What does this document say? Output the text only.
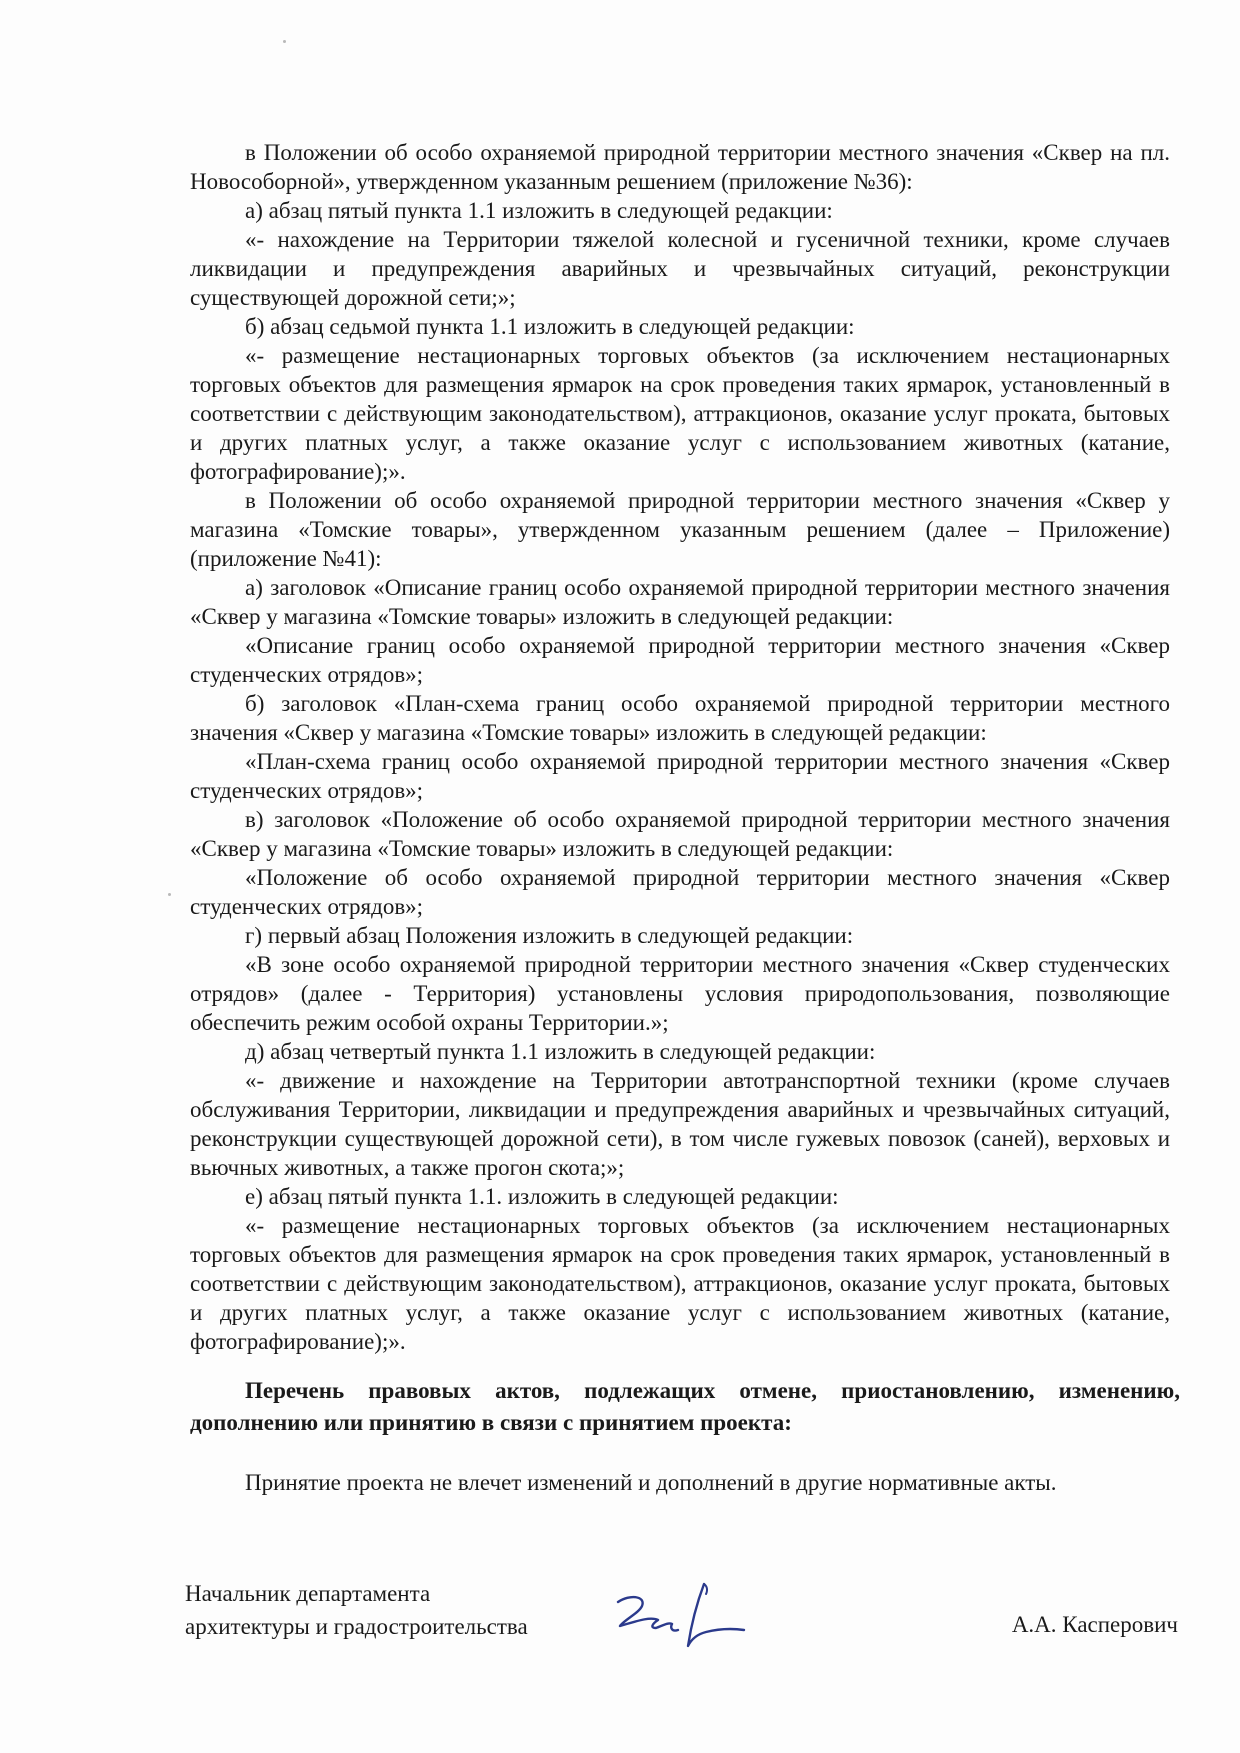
в Положении об особо охраняемой природной территории местного значения «Сквер на пл. Новособорной», утвержденном указанным решением (приложение №36):

а) абзац пятый пункта 1.1 изложить в следующей редакции:

«- нахождение на Территории тяжелой колесной и гусеничной техники, кроме случаев ликвидации и предупреждения аварийных и чрезвычайных ситуаций, реконструкции существующей дорожной сети;»;

б) абзац седьмой пункта 1.1 изложить в следующей редакции:

«- размещение нестационарных торговых объектов (за исключением нестационарных торговых объектов для размещения ярмарок на срок проведения таких ярмарок, установленный в соответствии с действующим законодательством), аттракционов, оказание услуг проката, бытовых и других платных услуг, а также оказание услуг с использованием животных (катание, фотографирование);».

в Положении об особо охраняемой природной территории местного значения «Сквер у магазина «Томские товары», утвержденном указанным решением (далее – Приложение) (приложение №41):

а) заголовок «Описание границ особо охраняемой природной территории местного значения «Сквер у магазина «Томские товары» изложить в следующей редакции:

«Описание границ особо охраняемой природной территории местного значения «Сквер студенческих отрядов»;

б) заголовок «План-схема границ особо охраняемой природной территории местного значения «Сквер у магазина «Томские товары» изложить в следующей редакции:

«План-схема границ особо охраняемой природной территории местного значения «Сквер студенческих отрядов»;

в) заголовок «Положение об особо охраняемой природной территории местного значения «Сквер у магазина «Томские товары» изложить в следующей редакции:

«Положение об особо охраняемой природной территории местного значения «Сквер студенческих отрядов»;

г) первый абзац Положения изложить в следующей редакции:

«В зоне особо охраняемой природной территории местного значения «Сквер студенческих отрядов» (далее - Территория) установлены условия природопользования, позволяющие обеспечить режим особой охраны Территории.»;

д) абзац четвертый пункта 1.1 изложить в следующей редакции:

«- движение и нахождение на Территории автотранспортной техники (кроме случаев обслуживания Территории, ликвидации и предупреждения аварийных и чрезвычайных ситуаций, реконструкции существующей дорожной сети), в том числе гужевых повозок (саней), верховых и вьючных животных, а также прогон скота;»;

е) абзац пятый пункта 1.1. изложить в следующей редакции:

«- размещение нестационарных торговых объектов (за исключением нестационарных торговых объектов для размещения ярмарок на срок проведения таких ярмарок, установленный в соответствии с действующим законодательством), аттракционов, оказание услуг проката, бытовых и других платных услуг, а также оказание услуг с использованием животных (катание, фотографирование);».

Перечень правовых актов, подлежащих отмене, приостановлению, изменению, дополнению или принятию в связи с принятием проекта:
Принятие проекта не влечет изменений и дополнений в другие нормативные акты.
Начальник департамента
архитектуры и градостроительства	А.А. Касперович
